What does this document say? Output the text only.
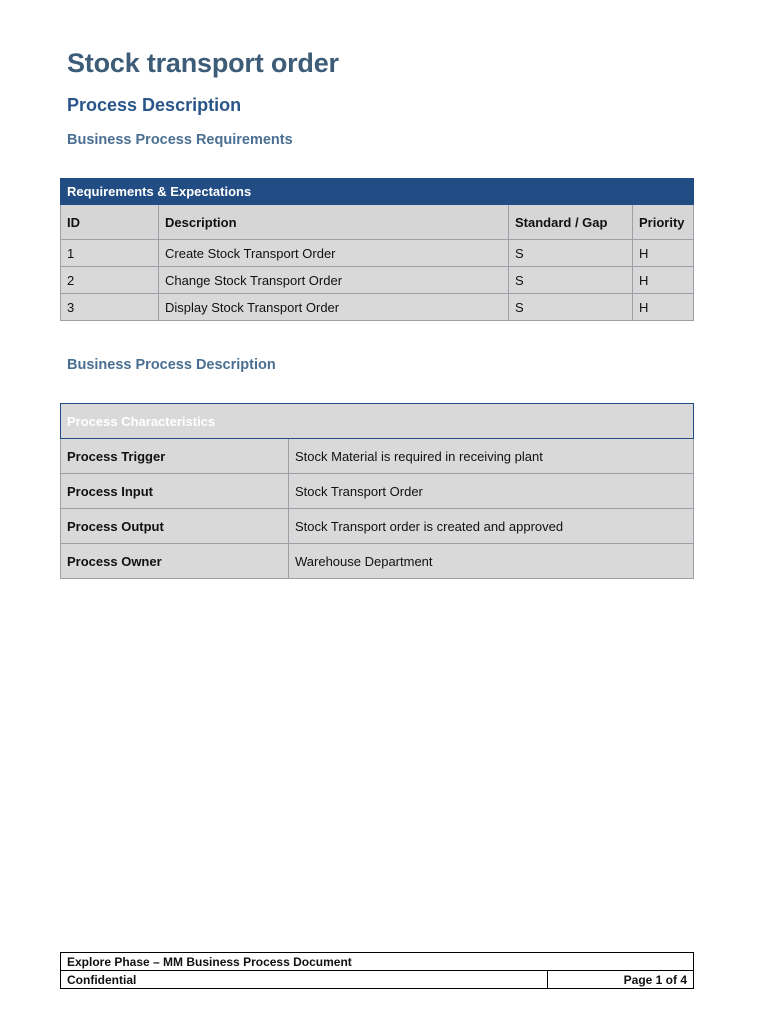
Stock transport order
Process Description
Business Process Requirements
Requirements & Expectations			
ID	Description	Standard / Gap	Priority
1	Create Stock Transport Order	S	H
2	Change Stock Transport Order	S	H
3	Display Stock Transport Order	S	H
Business Process Description
Process Characteristics	
Process Trigger	Stock Material is required in receiving plant
Process Input	Stock Transport Order
Process Output	Stock Transport order is created and approved
Process Owner	Warehouse Department
Explore Phase – MM Business Process Document
Confidential	Page 1 of 4
